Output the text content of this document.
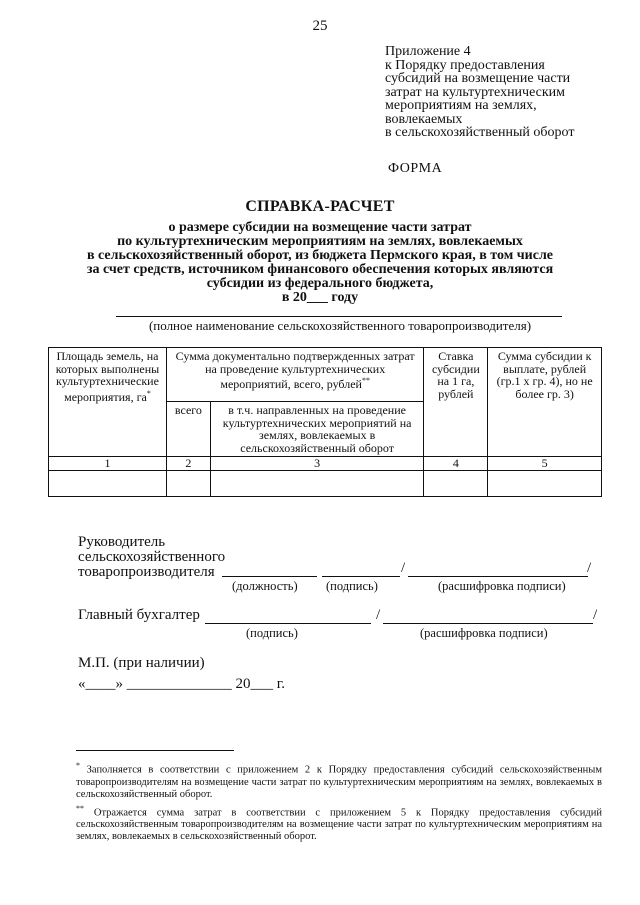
25
Приложение 4
к Порядку предоставления
субсидий на возмещение части
затрат на культуртехническим
мероприятиям на землях,
вовлекаемых
в сельскохозяйственный оборот
ФОРМА
СПРАВКА-РАСЧЕТ
о размере субсидии на возмещение части затрат
по культуртехническим мероприятиям на землях, вовлекаемых
в сельскохозяйственный оборот, из бюджета Пермского края, в том числе
за счет средств, источником финансового обеспечения которых являются
субсидии из федерального бюджета,
в 20___ году
(полное наименование сельскохозяйственного товаропроизводителя)
Площадь земель, на которых выполнены культуртехнические мероприятия, га*	Сумма документально подтвержденных затрат на проведение культуртехнических мероприятий, всего, рублей**		Ставка субсидии на 1 га, рублей	Сумма субсидии к выплате, рублей (гр.1 х гр. 4), но не более гр. 3)
	всего	в т.ч. направленных на проведение культуртехнических мероприятий на землях, вовлекаемых в сельскохозяйственный оборот		
1	2	3	4	5

Руководитель
сельскохозяйственного
товаропроизводителя	/	/
(должность) (подпись)	(расшифровка подписи)
Главный бухгалтер	/	/
(подпись)	(расшифровка подписи)
М.П. (при наличии)
«____» ______________ 20___ г.

* Заполняется в соответствии с приложением 2 к Порядку предоставления субсидий сельскохозяйственным товаропроизводителям на возмещение части затрат по культуртехническим мероприятиям на землях, вовлекаемых в сельскохозяйственный оборот.

** Отражается сумма затрат в соответствии с приложением 5 к Порядку предоставления субсидий сельскохозяйственным товаропроизводителям на возмещение части затрат по культуртехническим мероприятиям на землях, вовлекаемых в сельскохозяйственный оборот.
